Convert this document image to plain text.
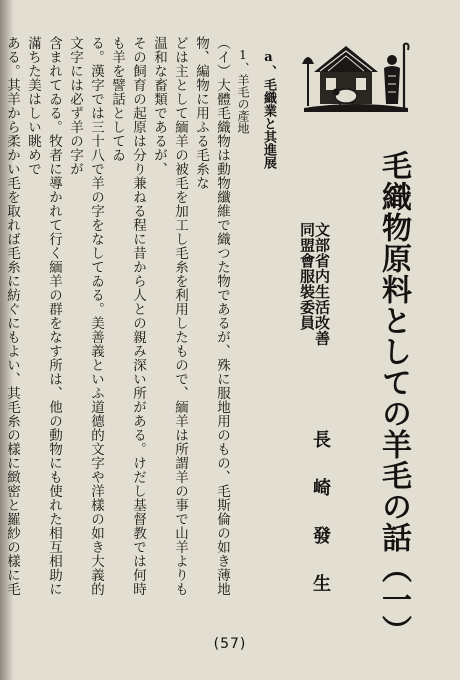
毛織物原料としての羊毛の話（一）
文部省内生活改善
同盟會服裝委員
長崎發生
a、毛織業と其進展
1、羊毛の產地

（イ）大體毛織物は動物纖維で織つた物であるが、殊に服地用のもの、毛斯倫の如き薄地物、編物に用ふる毛糸な

どは主として緬羊の被毛を加工し毛糸を利用したもので、緬羊は所謂羊の事で山羊よりも温和な畜類であるが、

その飼育の起原は分り兼ねる程に昔から人との親み深い所がある。けだし基督教では何時も羊を譬話としてゐ

る。漢字では三十八で羊の字をなしてゐる。美善義といふ道德的文字や洋樣の如き大義的文字には必ず羊の字が

含まれてゐる。牧者に導かれて行く緬羊の群をなす所は、他の動物にも使れた相互相助に滿ちた美はしい眺めで

ある。其羊から柔かい毛を取れば毛糸に紡ぐにもよい、其毛糸の樣に緻密と羅紗の樣に毛

(57)
